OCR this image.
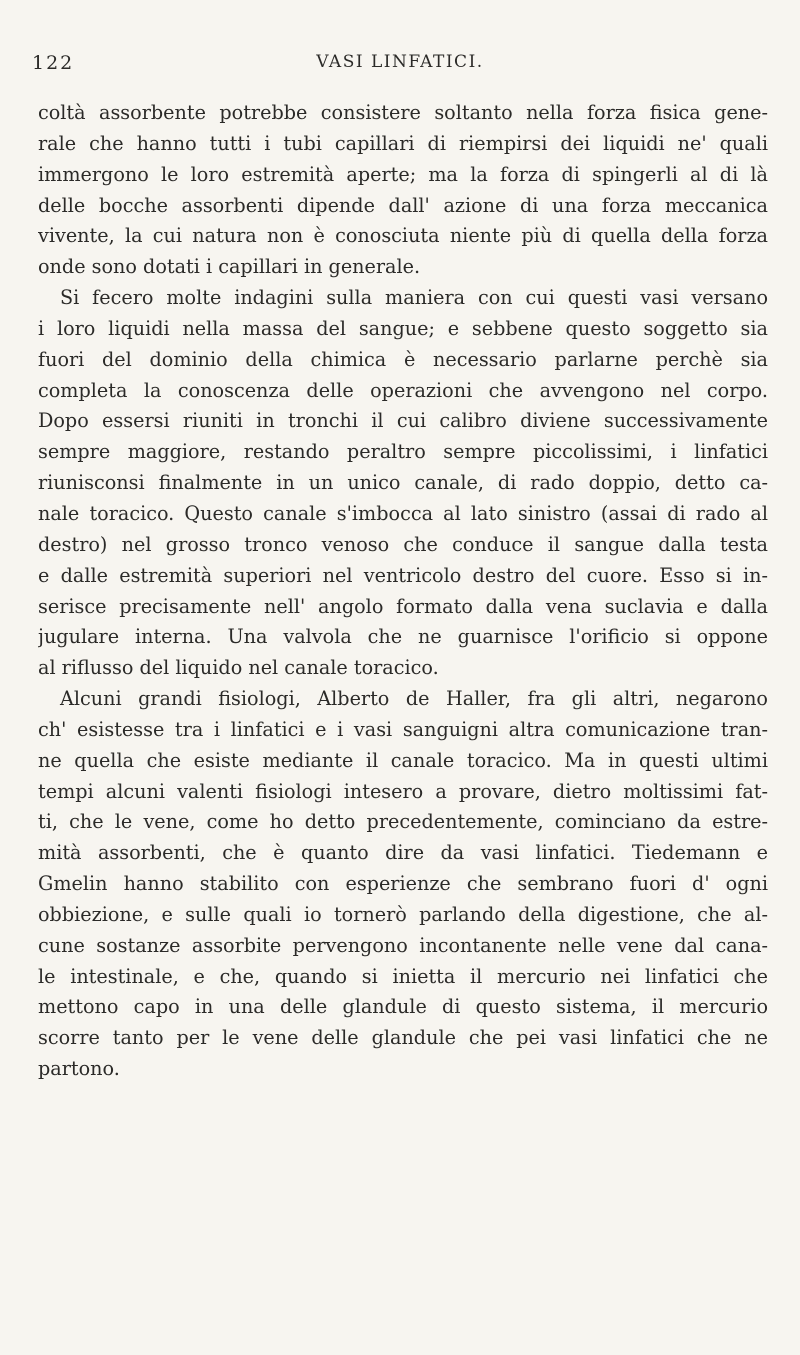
122	VASI LINFATICI.
coltà assorbente potrebbe consistere soltanto nella forza fisica gene-
rale che hanno tutti i tubi capillari di riempirsi dei liquidi ne' quali
immergono le loro estremità aperte; ma la forza di spingerli al di là
delle bocche assorbenti dipende dall' azione di una forza meccanica
vivente, la cui natura non è conosciuta niente più di quella della forza
onde sono dotati i capillari in generale.
Si fecero molte indagini sulla maniera con cui questi vasi versano
i loro liquidi nella massa del sangue; e sebbene questo soggetto sia
fuori del dominio della chimica è necessario parlarne perchè sia
completa la conoscenza delle operazioni che avvengono nel corpo.
Dopo essersi riuniti in tronchi il cui calibro diviene successivamente
sempre maggiore, restando peraltro sempre piccolissimi, i linfatici
riunisconsi finalmente in un unico canale, di rado doppio, detto ca-
nale toracico. Questo canale s'imbocca al lato sinistro (assai di rado al
destro) nel grosso tronco venoso che conduce il sangue dalla testa
e dalle estremità superiori nel ventricolo destro del cuore. Esso si in-
serisce precisamente nell' angolo formato dalla vena suclavia e dalla
jugulare interna. Una valvola che ne guarnisce l'orificio si oppone
al riflusso del liquido nel canale toracico.
Alcuni grandi fisiologi, Alberto de Haller, fra gli altri, negarono
ch' esistesse tra i linfatici e i vasi sanguigni altra comunicazione tran-
ne quella che esiste mediante il canale toracico. Ma in questi ultimi
tempi alcuni valenti fisiologi intesero a provare, dietro moltissimi fat-
ti, che le vene, come ho detto precedentemente, cominciano da estre-
mità assorbenti, che è quanto dire da vasi linfatici. Tiedemann e
Gmelin hanno stabilito con esperienze che sembrano fuori d' ogni
obbiezione, e sulle quali io tornerò parlando della digestione, che al-
cune sostanze assorbite pervengono incontanente nelle vene dal cana-
le intestinale, e che, quando si inietta il mercurio nei linfatici che
mettono capo in una delle glandule di questo sistema, il mercurio
scorre tanto per le vene delle glandule che pei vasi linfatici che ne
partono.
